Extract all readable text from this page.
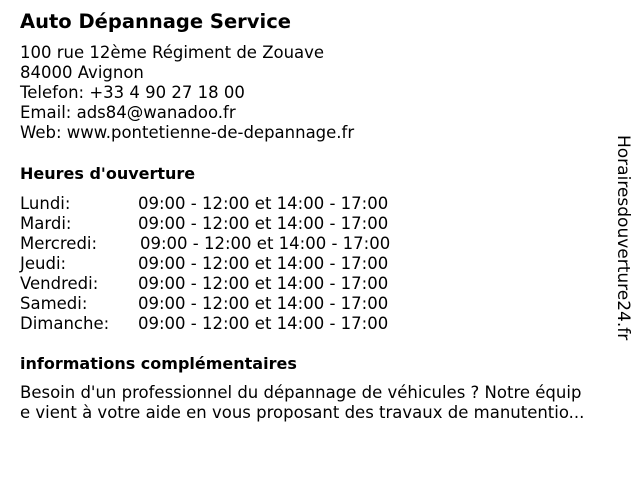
Auto Dépannage Service
100 rue 12ème Régiment de Zouave
84000 Avignon
Telefon: +33 4 90 27 18 00
Email: ads84@wanadoo.fr
Web: www.pontetienne-de-depannage.fr
Heures d'ouverture
Lundi:	09:00 - 12:00 et 14:00 - 17:00
Mardi:	09:00 - 12:00 et 14:00 - 17:00
Mercredi:	09:00 - 12:00 et 14:00 - 17:00
Jeudi:	09:00 - 12:00 et 14:00 - 17:00
Vendredi: 09:00 - 12:00 et 14:00 - 17:00
Samedi:	09:00 - 12:00 et 14:00 - 17:00
Dimanche: 09:00 - 12:00 et 14:00 - 17:00
informations complémentaires
Besoin d'un professionnel du dépannage de véhicules ? Notre équip
e vient à votre aide en vous proposant des travaux de manutentio...
Horairesdouverture24.fr
